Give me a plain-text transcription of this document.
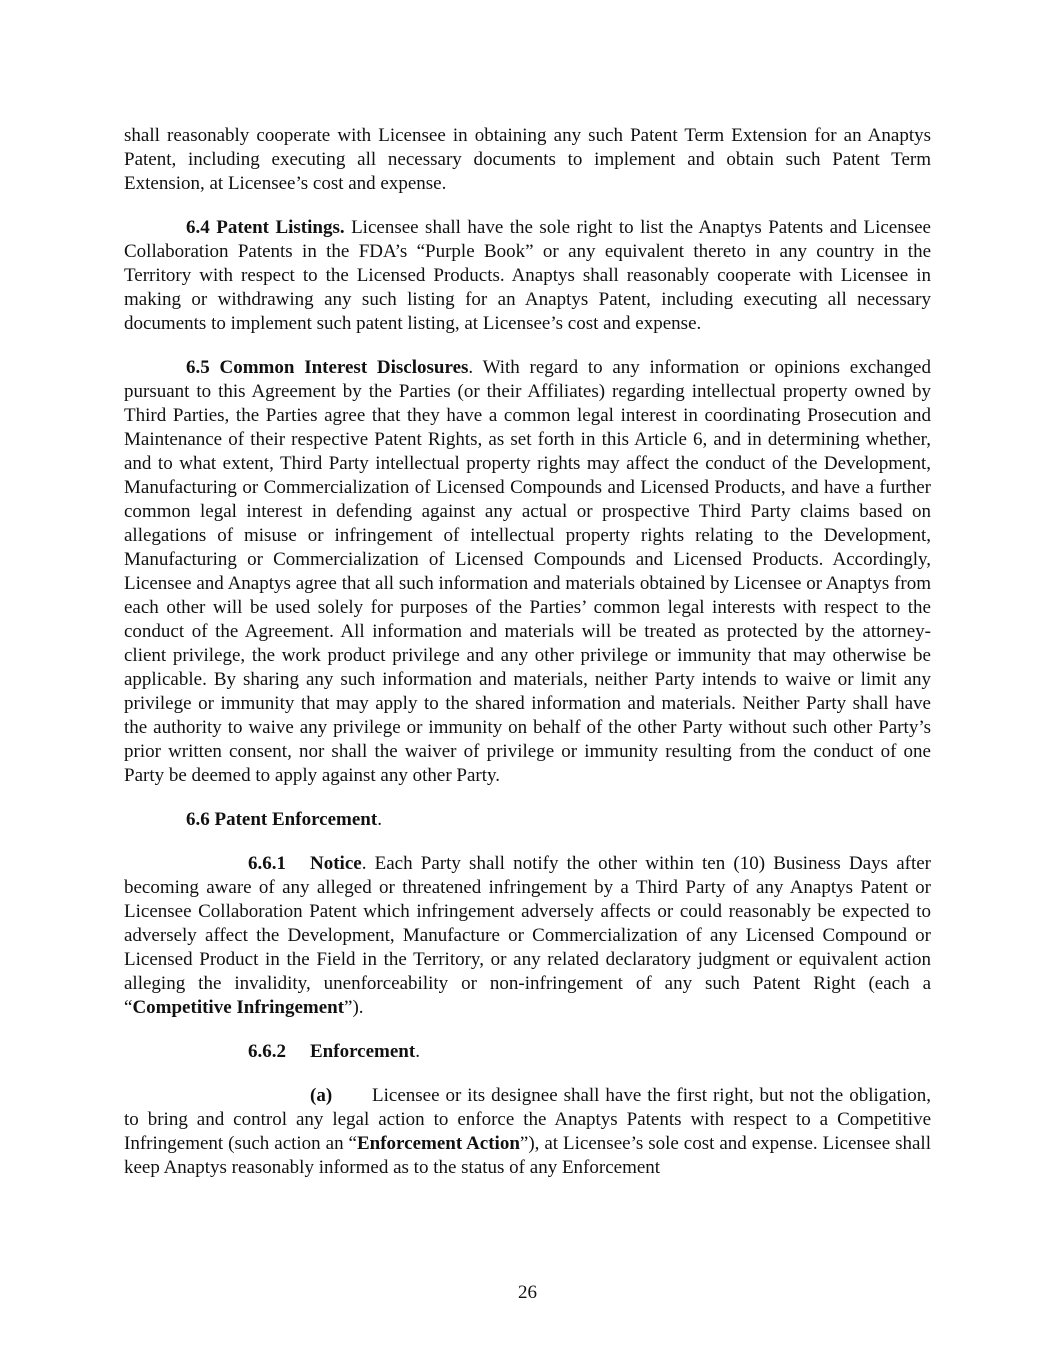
shall reasonably cooperate with Licensee in obtaining any such Patent Term Extension for an Anaptys Patent, including executing all necessary documents to implement and obtain such Patent Term Extension, at Licensee’s cost and expense.

6.4 Patent Listings. Licensee shall have the sole right to list the Anaptys Patents and Licensee Collaboration Patents in the FDA’s “Purple Book” or any equivalent thereto in any country in the Territory with respect to the Licensed Products. Anaptys shall reasonably cooperate with Licensee in making or withdrawing any such listing for an Anaptys Patent, including executing all necessary documents to implement such patent listing, at Licensee’s cost and expense.

6.5 Common Interest Disclosures. With regard to any information or opinions exchanged pursuant to this Agreement by the Parties (or their Affiliates) regarding intellectual property owned by Third Parties, the Parties agree that they have a common legal interest in coordinating Prosecution and Maintenance of their respective Patent Rights, as set forth in this Article 6, and in determining whether, and to what extent, Third Party intellectual property rights may affect the conduct of the Development, Manufacturing or Commercialization of Licensed Compounds and Licensed Products, and have a further common legal interest in defending against any actual or prospective Third Party claims based on allegations of misuse or infringement of intellectual property rights relating to the Development, Manufacturing or Commercialization of Licensed Compounds and Licensed Products. Accordingly, Licensee and Anaptys agree that all such information and materials obtained by Licensee or Anaptys from each other will be used solely for purposes of the Parties’ common legal interests with respect to the conduct of the Agreement. All information and materials will be treated as protected by the attorney-client privilege, the work product privilege and any other privilege or immunity that may otherwise be applicable. By sharing any such information and materials, neither Party intends to waive or limit any privilege or immunity that may apply to the shared information and materials. Neither Party shall have the authority to waive any privilege or immunity on behalf of the other Party without such other Party’s prior written consent, nor shall the waiver of privilege or immunity resulting from the conduct of one Party be deemed to apply against any other Party.

6.6 Patent Enforcement.

6.6.1 Notice. Each Party shall notify the other within ten (10) Business Days after becoming aware of any alleged or threatened infringement by a Third Party of any Anaptys Patent or Licensee Collaboration Patent which infringement adversely affects or could reasonably be expected to adversely affect the Development, Manufacture or Commercialization of any Licensed Compound or Licensed Product in the Field in the Territory, or any related declaratory judgment or equivalent action alleging the invalidity, unenforceability or non-infringement of any such Patent Right (each a “Competitive Infringement”).

6.6.2 Enforcement.

(a) Licensee or its designee shall have the first right, but not the obligation, to bring and control any legal action to enforce the Anaptys Patents with respect to a Competitive Infringement (such action an “Enforcement Action”), at Licensee’s sole cost and expense. Licensee shall keep Anaptys reasonably informed as to the status of any Enforcement

26
